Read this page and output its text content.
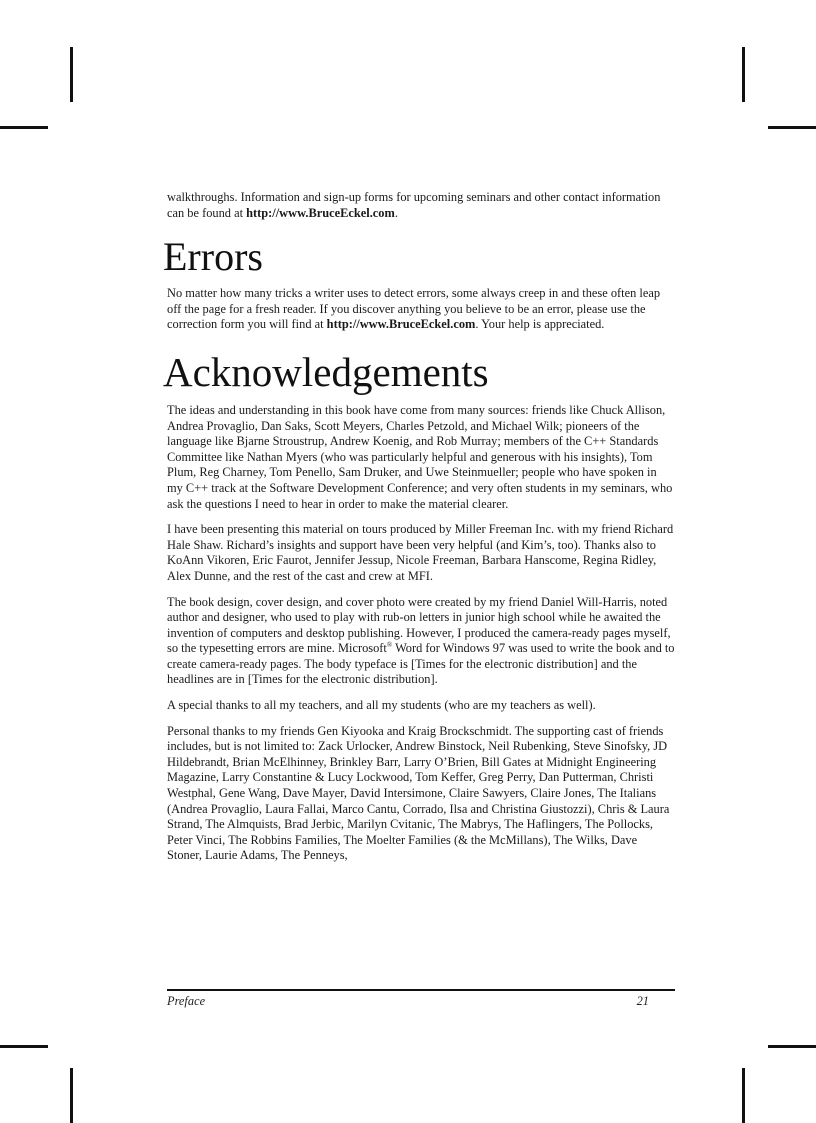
walkthroughs. Information and sign-up forms for upcoming seminars and other contact information can be found at http://www.BruceEckel.com.

Errors

No matter how many tricks a writer uses to detect errors, some always creep in and these often leap off the page for a fresh reader. If you discover anything you believe to be an error, please use the correction form you will find at http://www.BruceEckel.com. Your help is appreciated.

Acknowledgements

The ideas and understanding in this book have come from many sources: friends like Chuck Allison, Andrea Provaglio, Dan Saks, Scott Meyers, Charles Petzold, and Michael Wilk; pioneers of the language like Bjarne Stroustrup, Andrew Koenig, and Rob Murray; members of the C++ Standards Committee like Nathan Myers (who was particularly helpful and generous with his insights), Tom Plum, Reg Charney, Tom Penello, Sam Druker, and Uwe Steinmueller; people who have spoken in my C++ track at the Software Development Conference; and very often students in my seminars, who ask the questions I need to hear in order to make the material clearer.

I have been presenting this material on tours produced by Miller Freeman Inc. with my friend Richard Hale Shaw. Richard’s insights and support have been very helpful (and Kim’s, too). Thanks also to KoAnn Vikoren, Eric Faurot, Jennifer Jessup, Nicole Freeman, Barbara Hanscome, Regina Ridley, Alex Dunne, and the rest of the cast and crew at MFI.

The book design, cover design, and cover photo were created by my friend Daniel Will-Harris, noted author and designer, who used to play with rub-on letters in junior high school while he awaited the invention of computers and desktop publishing. However, I produced the camera-ready pages myself, so the typesetting errors are mine. Microsoft® Word for Windows 97 was used to write the book and to create camera-ready pages. The body typeface is [Times for the electronic distribution] and the headlines are in [Times for the electronic distribution].

A special thanks to all my teachers, and all my students (who are my teachers as well).

Personal thanks to my friends Gen Kiyooka and Kraig Brockschmidt. The supporting cast of friends includes, but is not limited to: Zack Urlocker, Andrew Binstock, Neil Rubenking, Steve Sinofsky, JD Hildebrandt, Brian McElhinney, Brinkley Barr, Larry O’Brien, Bill Gates at Midnight Engineering Magazine, Larry Constantine & Lucy Lockwood, Tom Keffer, Greg Perry, Dan Putterman, Christi Westphal, Gene Wang, Dave Mayer, David Intersimone, Claire Sawyers, Claire Jones, The Italians (Andrea Provaglio, Laura Fallai, Marco Cantu, Corrado, Ilsa and Christina Giustozzi), Chris & Laura Strand, The Almquists, Brad Jerbic, Marilyn Cvitanic, The Mabrys, The Haflingers, The Pollocks, Peter Vinci, The Robbins Families, The Moelter Families (& the McMillans), The Wilks, Dave Stoner, Laurie Adams, The Penneys,

Preface	21
